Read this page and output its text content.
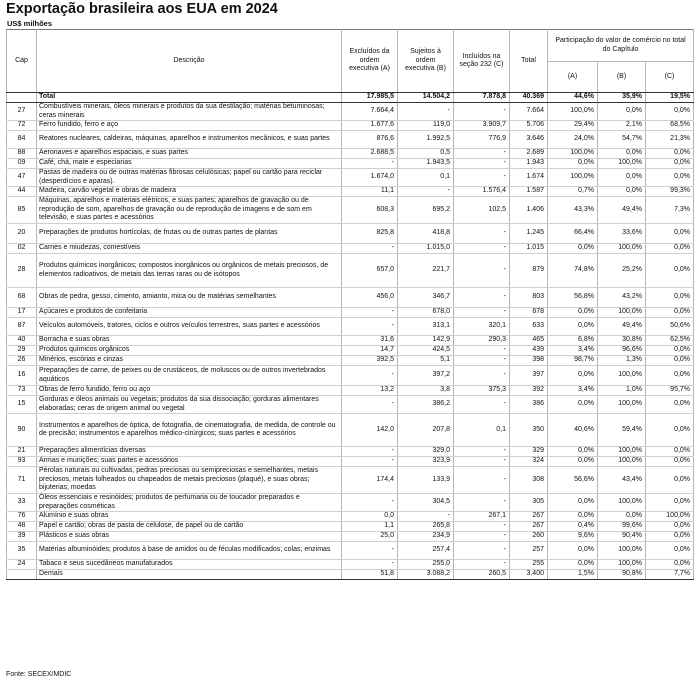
Exportação brasileira aos EUA em 2024
US$ milhões
Cap	Descrição	Excluídos da ordem executiva (A)	Sujeitos à ordem executiva (B)	Incluídos na seção 232 (C)	Total	Participação do valor de comércio no total do Capítulo		
						(A)	(B)	(C)
	Total	17.985,5	14.504,2	7.878,8	40.369	44,6%	35,9%	19,5%
27	Combustíveis minerais, óleos minerais e produtos da sua destilação; matérias betuminosas; ceras minerais	7.664,4	-	-	7.664	100,0%	0,0%	0,0%
72	Ferro fundido, ferro e aço	1.677,6	119,0	3.909,7	5.706	29,4%	2,1%	68,5%
84	Reatores nucleares, caldeiras, máquinas, aparelhos e instrumentos mecânicos, e suas partes	876,6	1.992,5	776,9	3.646	24,0%	54,7%	21,3%
88	Aeronaves e aparelhos espaciais, e suas partes	2.688,5	0,5	-	2.689	100,0%	0,0%	0,0%
09	Café, chá, mate e especiarias	-	1.943,5	-	1.943	0,0%	100,0%	0,0%
47	Pastas de madeira ou de outras matérias fibrosas celulósicas; papel ou cartão para reciclar (desperdícios e aparas).	1.674,0	0,1	-	1.674	100,0%	0,0%	0,0%
44	Madeira, carvão vegetal e obras de madeira	11,1	-	1.576,4	1.587	0,7%	0,0%	99,3%
85	Máquinas, aparelhos e materiais elétricos, e suas partes; aparelhos de gravação ou de reprodução de som, aparelhos de gravação ou de reprodução de imagens e de som em televisão, e suas partes e acessórios	608,3	695,2	102,5	1.406	43,3%	49,4%	7,3%
20	Preparações de produtos hortícolas, de frutas ou de outras partes de plantas	825,8	418,8	-	1.245	66,4%	33,6%	0,0%
02	Carnes e miudezas, comestíveis	-	1.015,0	-	1.015	0,0%	100,0%	0,0%
28	Produtos químicos inorgânicos; compostos inorgânicos ou orgânicos de metais preciosos, de elementos radioativos, de metais das terras raras ou de isótopos	657,0	221,7	-	879	74,8%	25,2%	0,0%
68	Obras de pedra, gesso, cimento, amianto, mica ou de matérias semelhantes	456,0	346,7	-	803	56,8%	43,2%	0,0%
17	Açúcares e produtos de confeitaria	-	678,0	-	678	0,0%	100,0%	0,0%
87	Veículos automóveis, tratores, ciclos e outros veículos terrestres, suas partes e acessórios	-	313,1	320,1	633	0,0%	49,4%	50,6%
40	Borracha e suas obras	31,6	142,9	290,3	465	6,8%	30,8%	62,5%
29	Produtos químicos orgânicos	14,7	424,5	-	439	3,4%	96,6%	0,0%
26	Minérios, escórias e cinzas	392,5	5,1	-	398	98,7%	1,3%	0,0%
16	Preparações de carne, de peixes ou de crustáceos, de moluscos ou de outros invertebrados aquáticos	-	397,2	-	397	0,0%	100,0%	0,0%
73	Obras de ferro fundido, ferro ou aço	13,2	3,8	375,3	392	3,4%	1,0%	95,7%
15	Gorduras e óleos animais ou vegetais; produtos da sua dissociação; gorduras alimentares elaboradas; ceras de origem animal ou vegetal	-	386,2	-	386	0,0%	100,0%	0,0%
90	Instrumentos e aparelhos de óptica, de fotografia, de cinematografia, de medida, de controle ou de precisão; instrumentos e aparelhos médico-cirúrgicos; suas partes e acessórios	142,0	207,8	0,1	350	40,6%	59,4%	0,0%
21	Preparações alimentícias diversas	-	329,0	-	329	0,0%	100,0%	0,0%
93	Armas e munições; suas partes e acessórios	-	323,9	-	324	0,0%	100,0%	0,0%
71	Pérolas naturais ou cultivadas, pedras preciosas ou semipreciosas e semelhantes, metais preciosos, metais folheados ou chapeados de metais preciosos (plaqué), e suas obras; bijuterias; moedas	174,4	133,9	-	308	56,6%	43,4%	0,0%
33	Óleos essenciais e resinóides; produtos de perfumaria ou de toucador preparados e preparações cosméticas	-	304,5	-	305	0,0%	100,0%	0,0%
76	Alumínio e suas obras	0,0	-	267,1	267	0,0%	0,0%	100,0%
48	Papel e cartão; obras de pasta de celulose, de papel ou de cartão	1,1	265,8	-	267	0,4%	99,6%	0,0%
39	Plásticos e suas obras	25,0	234,9	-	260	9,6%	90,4%	0,0%
35	Matérias albuminóides; produtos à base de amidos ou de féculas modificados; colas; enzimas	-	257,4	-	257	0,0%	100,0%	0,0%
24	Tabaco e seus sucedâneos manufaturados	-	255,0	-	255	0,0%	100,0%	0,0%
	Demais	51,8	3.088,2	260,5	3.400	1,5%	90,8%	7,7%
Fonte: SECEX/MDIC
